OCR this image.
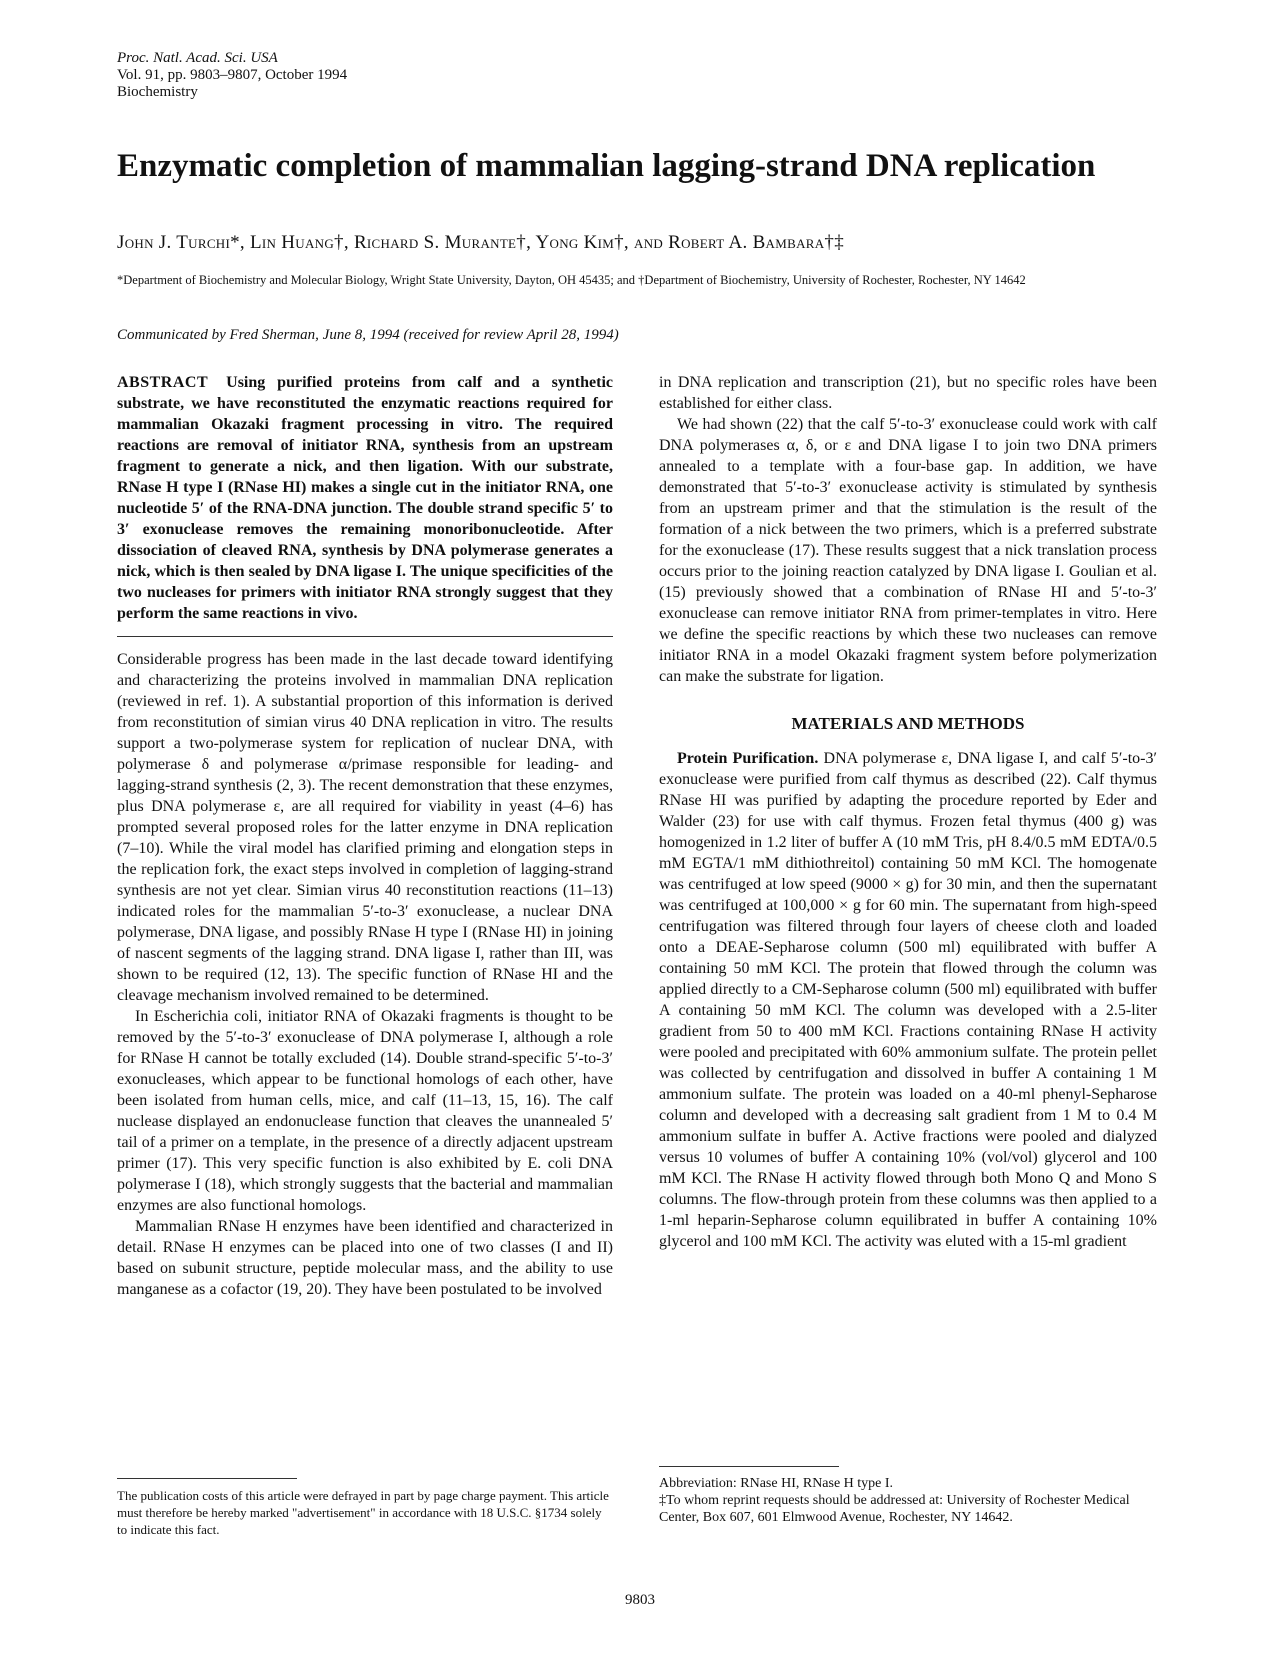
Proc. Natl. Acad. Sci. USA
Vol. 91, pp. 9803–9807, October 1994
Biochemistry
Enzymatic completion of mammalian lagging-strand DNA replication
John J. Turchi*, Lin Huang†, Richard S. Murante†, Yong Kim†, and Robert A. Bambara†‡
*Department of Biochemistry and Molecular Biology, Wright State University, Dayton, OH 45435; and †Department of Biochemistry, University of Rochester, Rochester, NY 14642
Communicated by Fred Sherman, June 8, 1994 (received for review April 28, 1994)

ABSTRACT Using purified proteins from calf and a synthetic substrate, we have reconstituted the enzymatic reactions required for mammalian Okazaki fragment processing in vitro. The required reactions are removal of initiator RNA, synthesis from an upstream fragment to generate a nick, and then ligation. With our substrate, RNase H type I (RNase HI) makes a single cut in the initiator RNA, one nucleotide 5′ of the RNA-DNA junction. The double strand specific 5′ to 3′ exonuclease removes the remaining monoribonucleotide. After dissociation of cleaved RNA, synthesis by DNA polymerase generates a nick, which is then sealed by DNA ligase I. The unique specificities of the two nucleases for primers with initiator RNA strongly suggest that they perform the same reactions in vivo.

Considerable progress has been made in the last decade toward identifying and characterizing the proteins involved in mammalian DNA replication (reviewed in ref. 1). A substantial proportion of this information is derived from reconstitution of simian virus 40 DNA replication in vitro. The results support a two-polymerase system for replication of nuclear DNA, with polymerase δ and polymerase α/primase responsible for leading- and lagging-strand synthesis (2, 3). The recent demonstration that these enzymes, plus DNA polymerase ε, are all required for viability in yeast (4–6) has prompted several proposed roles for the latter enzyme in DNA replication (7–10). While the viral model has clarified priming and elongation steps in the replication fork, the exact steps involved in completion of lagging-strand synthesis are not yet clear. Simian virus 40 reconstitution reactions (11–13) indicated roles for the mammalian 5′-to-3′ exonuclease, a nuclear DNA polymerase, DNA ligase, and possibly RNase H type I (RNase HI) in joining of nascent segments of the lagging strand. DNA ligase I, rather than III, was shown to be required (12, 13). The specific function of RNase HI and the cleavage mechanism involved remained to be determined.

In Escherichia coli, initiator RNA of Okazaki fragments is thought to be removed by the 5′-to-3′ exonuclease of DNA polymerase I, although a role for RNase H cannot be totally excluded (14). Double strand-specific 5′-to-3′ exonucleases, which appear to be functional homologs of each other, have been isolated from human cells, mice, and calf (11–13, 15, 16). The calf nuclease displayed an endonuclease function that cleaves the unannealed 5′ tail of a primer on a template, in the presence of a directly adjacent upstream primer (17). This very specific function is also exhibited by E. coli DNA polymerase I (18), which strongly suggests that the bacterial and mammalian enzymes are also functional homologs.

Mammalian RNase H enzymes have been identified and characterized in detail. RNase H enzymes can be placed into one of two classes (I and II) based on subunit structure, peptide molecular mass, and the ability to use manganese as a cofactor (19, 20). They have been postulated to be involved

in DNA replication and transcription (21), but no specific roles have been established for either class.

We had shown (22) that the calf 5′-to-3′ exonuclease could work with calf DNA polymerases α, δ, or ε and DNA ligase I to join two DNA primers annealed to a template with a four-base gap. In addition, we have demonstrated that 5′-to-3′ exonuclease activity is stimulated by synthesis from an upstream primer and that the stimulation is the result of the formation of a nick between the two primers, which is a preferred substrate for the exonuclease (17). These results suggest that a nick translation process occurs prior to the joining reaction catalyzed by DNA ligase I. Goulian et al. (15) previously showed that a combination of RNase HI and 5′-to-3′ exonuclease can remove initiator RNA from primer-templates in vitro. Here we define the specific reactions by which these two nucleases can remove initiator RNA in a model Okazaki fragment system before polymerization can make the substrate for ligation.

MATERIALS AND METHODS

Protein Purification. DNA polymerase ε, DNA ligase I, and calf 5′-to-3′ exonuclease were purified from calf thymus as described (22). Calf thymus RNase HI was purified by adapting the procedure reported by Eder and Walder (23) for use with calf thymus. Frozen fetal thymus (400 g) was homogenized in 1.2 liter of buffer A (10 mM Tris, pH 8.4/0.5 mM EDTA/0.5 mM EGTA/1 mM dithiothreitol) containing 50 mM KCl. The homogenate was centrifuged at low speed (9000 × g) for 30 min, and then the supernatant was centrifuged at 100,000 × g for 60 min. The supernatant from high-speed centrifugation was filtered through four layers of cheese cloth and loaded onto a DEAE-Sepharose column (500 ml) equilibrated with buffer A containing 50 mM KCl. The protein that flowed through the column was applied directly to a CM-Sepharose column (500 ml) equilibrated with buffer A containing 50 mM KCl. The column was developed with a 2.5-liter gradient from 50 to 400 mM KCl. Fractions containing RNase H activity were pooled and precipitated with 60% ammonium sulfate. The protein pellet was collected by centrifugation and dissolved in buffer A containing 1 M ammonium sulfate. The protein was loaded on a 40-ml phenyl-Sepharose column and developed with a decreasing salt gradient from 1 M to 0.4 M ammonium sulfate in buffer A. Active fractions were pooled and dialyzed versus 10 volumes of buffer A containing 10% (vol/vol) glycerol and 100 mM KCl. The RNase H activity flowed through both Mono Q and Mono S columns. The flow-through protein from these columns was then applied to a 1-ml heparin-Sepharose column equilibrated in buffer A containing 10% glycerol and 100 mM KCl. The activity was eluted with a 15-ml gradient

The publication costs of this article were defrayed in part by page charge payment. This article must therefore be hereby marked "advertisement" in accordance with 18 U.S.C. §1734 solely to indicate this fact.

Abbreviation: RNase HI, RNase H type I.

‡To whom reprint requests should be addressed at: University of Rochester Medical Center, Box 607, 601 Elmwood Avenue, Rochester, NY 14642.

9803
